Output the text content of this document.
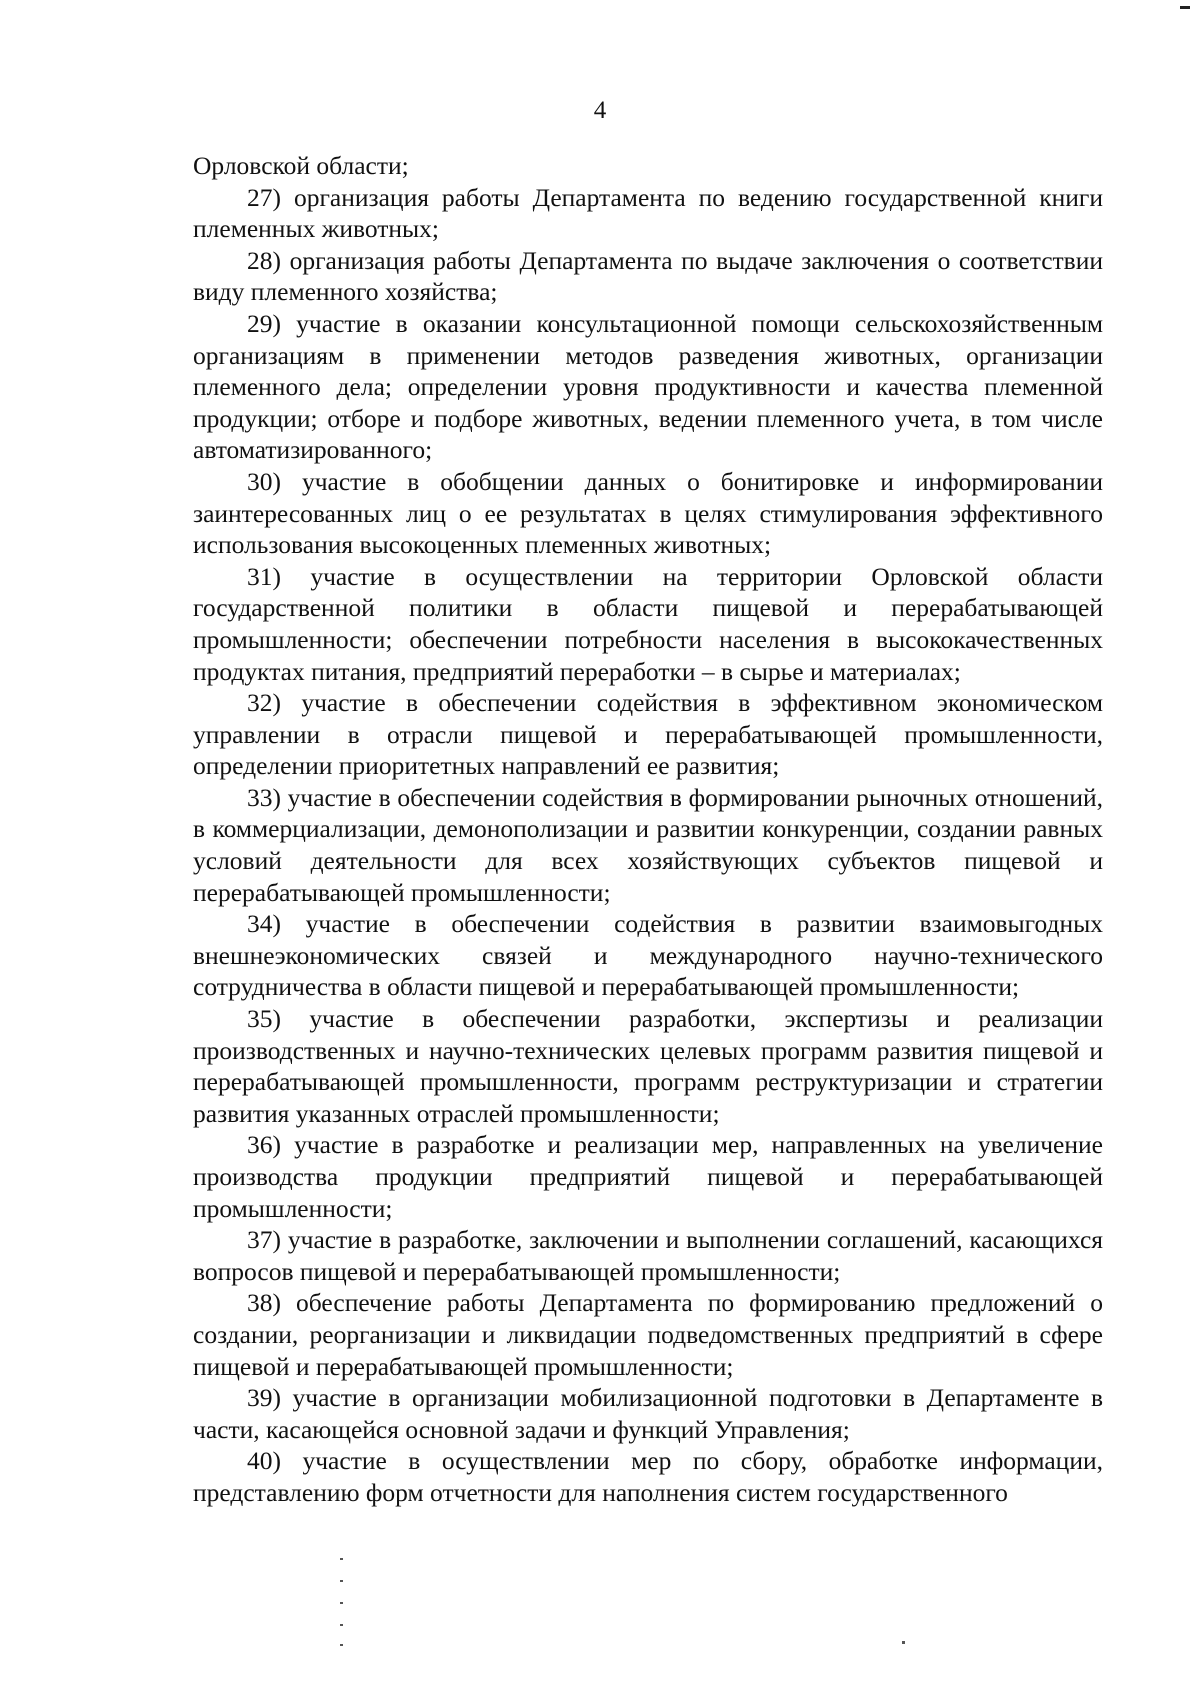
4

Орловской области;

27) организация работы Департамента по ведению государственной книги племенных животных;

28) организация работы Департамента по выдаче заключения о соответствии виду племенного хозяйства;

29) участие в оказании консультационной помощи сельскохозяйственным организациям в применении методов разведения животных, организации племенного дела; определении уровня продуктивности и качества племенной продукции; отборе и подборе животных, ведении племенного учета, в том числе автоматизированного;

30) участие в обобщении данных о бонитировке и информировании заинтересованных лиц о ее результатах в целях стимулирования эффективного использования высокоценных племенных животных;

31) участие в осуществлении на территории Орловской области государственной политики в области пищевой и перерабатывающей промышленности; обеспечении потребности населения в высококачественных продуктах питания, предприятий переработки – в сырье и материалах;

32) участие в обеспечении содействия в эффективном экономическом управлении в отрасли пищевой и перерабатывающей промышленности, определении приоритетных направлений ее развития;

33) участие в обеспечении содействия в формировании рыночных отношений, в коммерциализации, демонополизации и развитии конкуренции, создании равных условий деятельности для всех хозяйствующих субъектов пищевой и перерабатывающей промышленности;

34) участие в обеспечении содействия в развитии взаимовыгодных внешнеэкономических связей и международного научно-технического сотрудничества в области пищевой и перерабатывающей промышленности;

35) участие в обеспечении разработки, экспертизы и реализации производственных и научно-технических целевых программ развития пищевой и перерабатывающей промышленности, программ реструктуризации и стратегии развития указанных отраслей промышленности;

36) участие в разработке и реализации мер, направленных на увеличение производства продукции предприятий пищевой и перерабатывающей промышленности;

37) участие в разработке, заключении и выполнении соглашений, касающихся вопросов пищевой и перерабатывающей промышленности;

38) обеспечение работы Департамента по формированию предложений о создании, реорганизации и ликвидации подведомственных предприятий в сфере пищевой и перерабатывающей промышленности;

39) участие в организации мобилизационной подготовки в Департаменте в части, касающейся основной задачи и функций Управления;

40) участие в осуществлении мер по сбору, обработке информации, представлению форм отчетности для наполнения систем государственного
